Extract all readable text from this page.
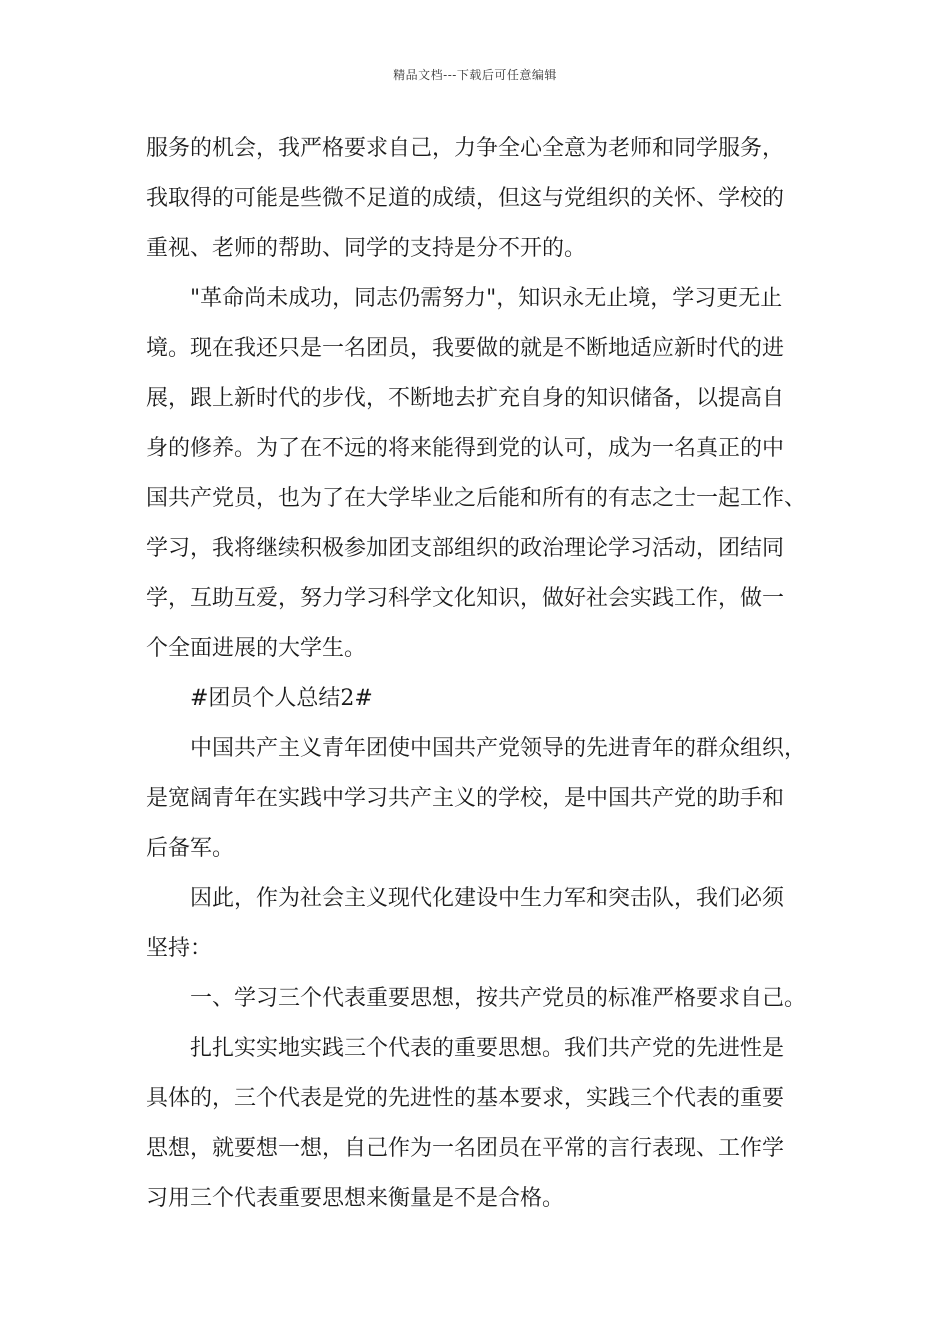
精品文档---下载后可任意编辑
服务的机会，我严格要求自己，力争全心全意为老师和同学服务，
我取得的可能是些微不足道的成绩，但这与党组织的关怀、学校的
重视、老师的帮助、同学的支持是分不开的。
"革命尚未成功，同志仍需努力"，知识永无止境，学习更无止
境。现在我还只是一名团员，我要做的就是不断地适应新时代的进
展，跟上新时代的步伐，不断地去扩充自身的知识储备，以提高自
身的修养。为了在不远的将来能得到党的认可，成为一名真正的中
国共产党员，也为了在大学毕业之后能和所有的有志之士一起工作、
学习，我将继续积极参加团支部组织的政治理论学习活动，团结同
学，互助互爱，努力学习科学文化知识，做好社会实践工作，做一
个全面进展的大学生。
#团员个人总结2#
中国共产主义青年团使中国共产党领导的先进青年的群众组织，
是宽阔青年在实践中学习共产主义的学校，是中国共产党的助手和
后备军。
因此，作为社会主义现代化建设中生力军和突击队，我们必须
坚持：
一、学习三个代表重要思想，按共产党员的标准严格要求自己。
扎扎实实地实践三个代表的重要思想。我们共产党的先进性是
具体的，三个代表是党的先进性的基本要求，实践三个代表的重要
思想，就要想一想，自己作为一名团员在平常的言行表现、工作学
习用三个代表重要思想来衡量是不是合格。
